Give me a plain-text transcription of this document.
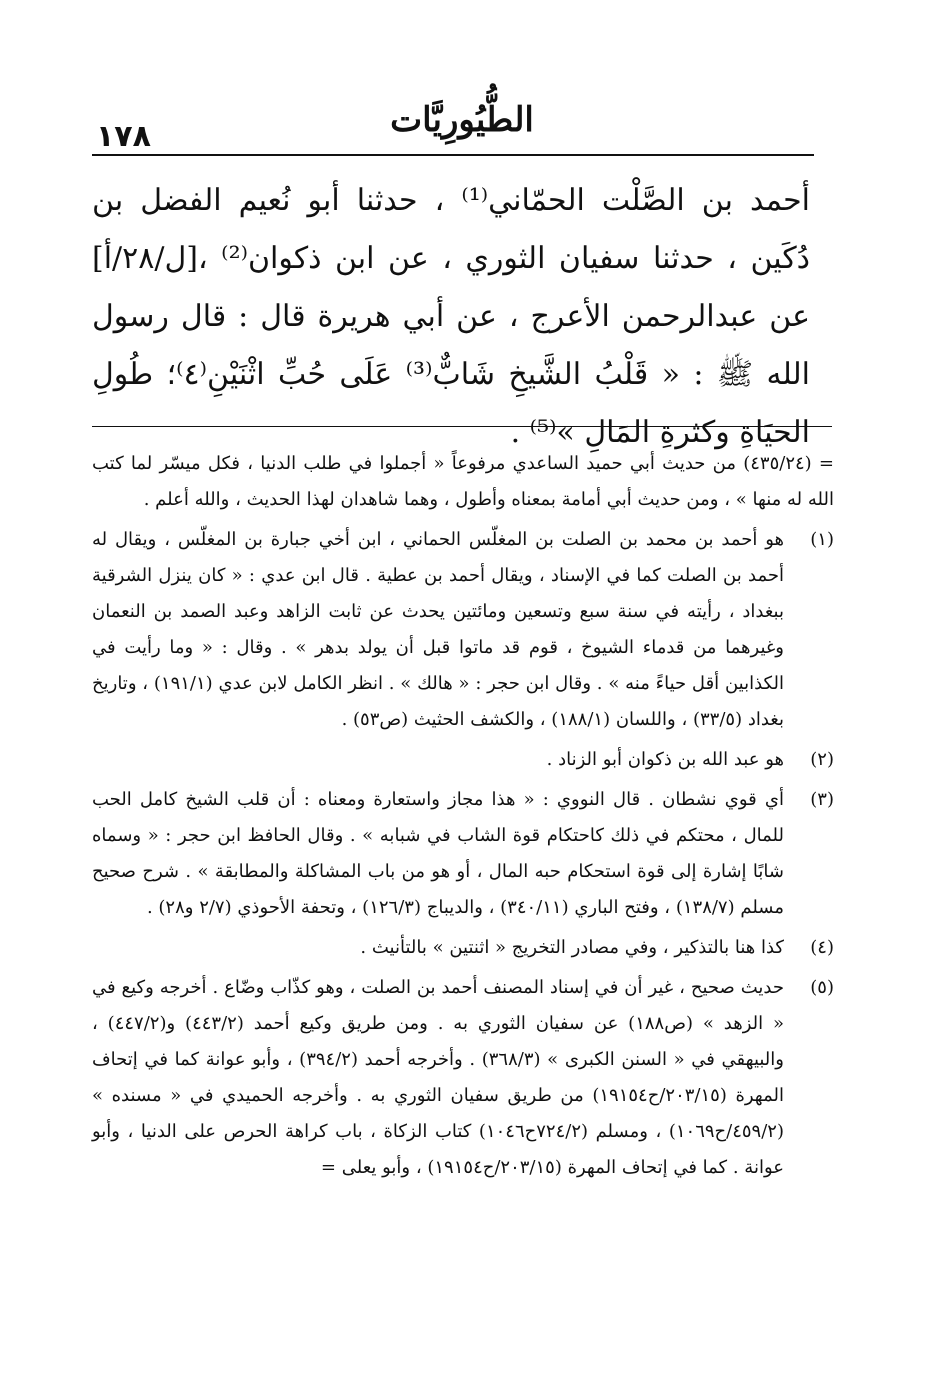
١٧٨	الطُّيُورِيَّات
أحمد بن الصَّلْت الحمّاني⁽¹⁾ ، حدثنا أبو نُعيم الفضل بن دُكَين ، حدثنا سفيان الثوري ، عن ابن ذكوان⁽²⁾ ،[ل/٢٨/أ] عن عبدالرحمن الأعرج ، عن أبي هريرة قال : قال رسول الله ﷺ : « قَلْبُ الشَّيخِ شَابٌّ⁽³⁾ عَلَى حُبِّ اثْنَيْنِ⁽٤⁾؛ طُولِ الحيَاةِ وكثرةِ المَالِ »⁽⁵⁾ .

= (٤٣٥/٢٤) من حديث أبي حميد الساعدي مرفوعاً « أجملوا في طلب الدنيا ، فكل ميسّر لما كتب الله له منها » ، ومن حديث أبي أمامة بمعناه وأطول ، وهما شاهدان لهذا الحديث ، والله أعلم .

(١)
هو أحمد بن محمد بن الصلت بن المغلّس الحماني ، ابن أخي جبارة بن المغلّس ، ويقال له أحمد بن الصلت كما في الإسناد ، ويقال أحمد بن عطية . قال ابن عدي : « كان ينزل الشرقية ببغداد ، رأيته في سنة سبع وتسعين ومائتين يحدث عن ثابت الزاهد وعبد الصمد بن النعمان وغيرهما من قدماء الشيوخ ، قوم قد ماتوا قبل أن يولد بدهر » . وقال : « وما رأيت في الكذابين أقل حياءً منه » . وقال ابن حجر : « هالك » . انظر الكامل لابن عدي (١٩١/١) ، وتاريخ بغداد (٣٣/٥) ، واللسان (١٨٨/١) ، والكشف الحثيث (ص٥٣) .
(٢)
هو عبد الله بن ذكوان أبو الزناد .
(٣)
أي قوي نشطان . قال النووي : « هذا مجاز واستعارة ومعناه : أن قلب الشيخ كامل الحب للمال ، محتكم في ذلك كاحتكام قوة الشاب في شبابه » . وقال الحافظ ابن حجر : « وسماه شابًا إشارة إلى قوة استحكام حبه المال ، أو هو من باب المشاكلة والمطابقة » . شرح صحيح مسلم (١٣٨/٧) ، وفتح الباري (٣٤٠/١١) ، والديباج (١٢٦/٣) ، وتحفة الأحوذي (٢/٧ و٢٨) .
(٤)
كذا هنا بالتذكير ، وفي مصادر التخريج « اثنتين » بالتأنيث .
(٥)
حديث صحيح ، غير أن في إسناد المصنف أحمد بن الصلت ، وهو كذّاب وضّاع . أخرجه وكيع في « الزهد » (ص١٨٨) عن سفيان الثوري به . ومن طريق وكيع أحمد (٤٤٣/٢) و(٤٤٧/٢) ، والبيهقي في « السنن الكبرى » (٣٦٨/٣) . وأخرجه أحمد (٣٩٤/٢) ، وأبو عوانة كما في إتحاف المهرة (٢٠٣/١٥/ح١٩١٥٤) من طريق سفيان الثوري به . وأخرجه الحميدي في « مسنده » (٤٥٩/٢/ح١٠٦٩) ، ومسلم (٧٢٤/٢ح١٠٤٦) كتاب الزكاة ، باب كراهة الحرص على الدنيا ، وأبو عوانة . كما في إتحاف المهرة (٢٠٣/١٥/ح١٩١٥٤) ، وأبو يعلى =
